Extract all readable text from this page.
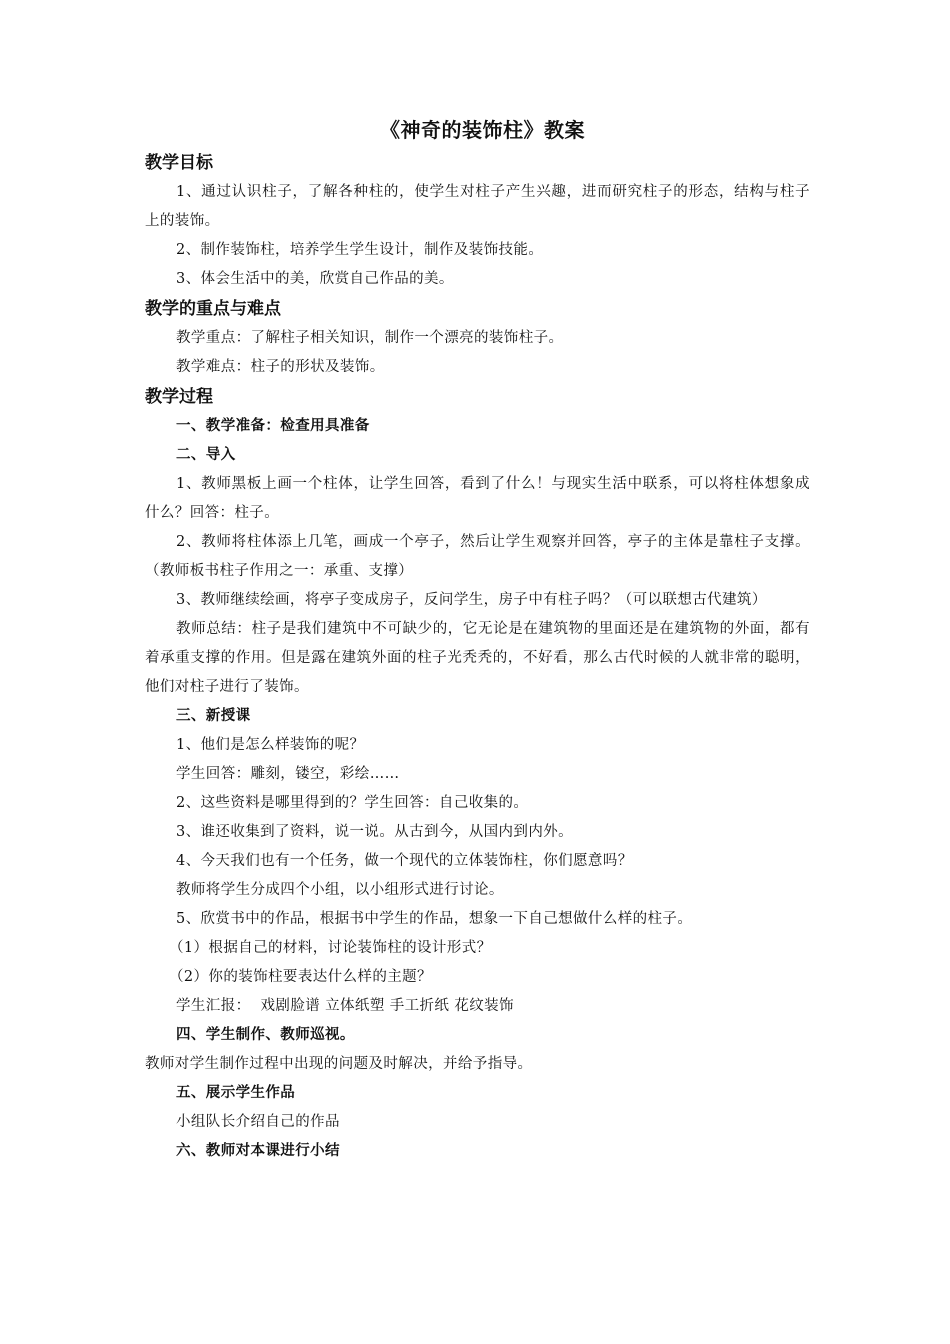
《神奇的装饰柱》教案
教学目标

1、通过认识柱子，了解各种柱的，使学生对柱子产生兴趣，进而研究柱子的形态，结构与柱子上的装饰。

2、制作装饰柱，培养学生学生设计，制作及装饰技能。

3、体会生活中的美，欣赏自己作品的美。

教学的重点与难点

教学重点：了解柱子相关知识，制作一个漂亮的装饰柱子。

教学难点：柱子的形状及装饰。

教学过程

一、教学准备：检查用具准备

二、导入

1、教师黑板上画一个柱体，让学生回答，看到了什么！与现实生活中联系，可以将柱体想象成什么？回答：柱子。

2、教师将柱体添上几笔，画成一个亭子，然后让学生观察并回答，亭子的主体是靠柱子支撑。（教师板书柱子作用之一：承重、支撑）

3、教师继续绘画，将亭子变成房子，反问学生，房子中有柱子吗？（可以联想古代建筑）

教师总结：柱子是我们建筑中不可缺少的，它无论是在建筑物的里面还是在建筑物的外面，都有着承重支撑的作用。但是露在建筑外面的柱子光秃秃的，不好看，那么古代时候的人就非常的聪明，他们对柱子进行了装饰。

三、新授课

1、他们是怎么样装饰的呢？

学生回答：雕刻，镂空，彩绘……

2、这些资料是哪里得到的？学生回答：自己收集的。

3、谁还收集到了资料，说一说。从古到今，从国内到内外。

4、今天我们也有一个任务，做一个现代的立体装饰柱，你们愿意吗？

教师将学生分成四个小组，以小组形式进行讨论。

5、欣赏书中的作品，根据书中学生的作品，想象一下自己想做什么样的柱子。

（1）根据自己的材料，讨论装饰柱的设计形式？

（2）你的装饰柱要表达什么样的主题？

学生汇报：  戏剧脸谱 立体纸塑 手工折纸 花纹装饰

四、学生制作、教师巡视。

教师对学生制作过程中出现的问题及时解决，并给予指导。

五、展示学生作品

小组队长介绍自己的作品

六、教师对本课进行小结
